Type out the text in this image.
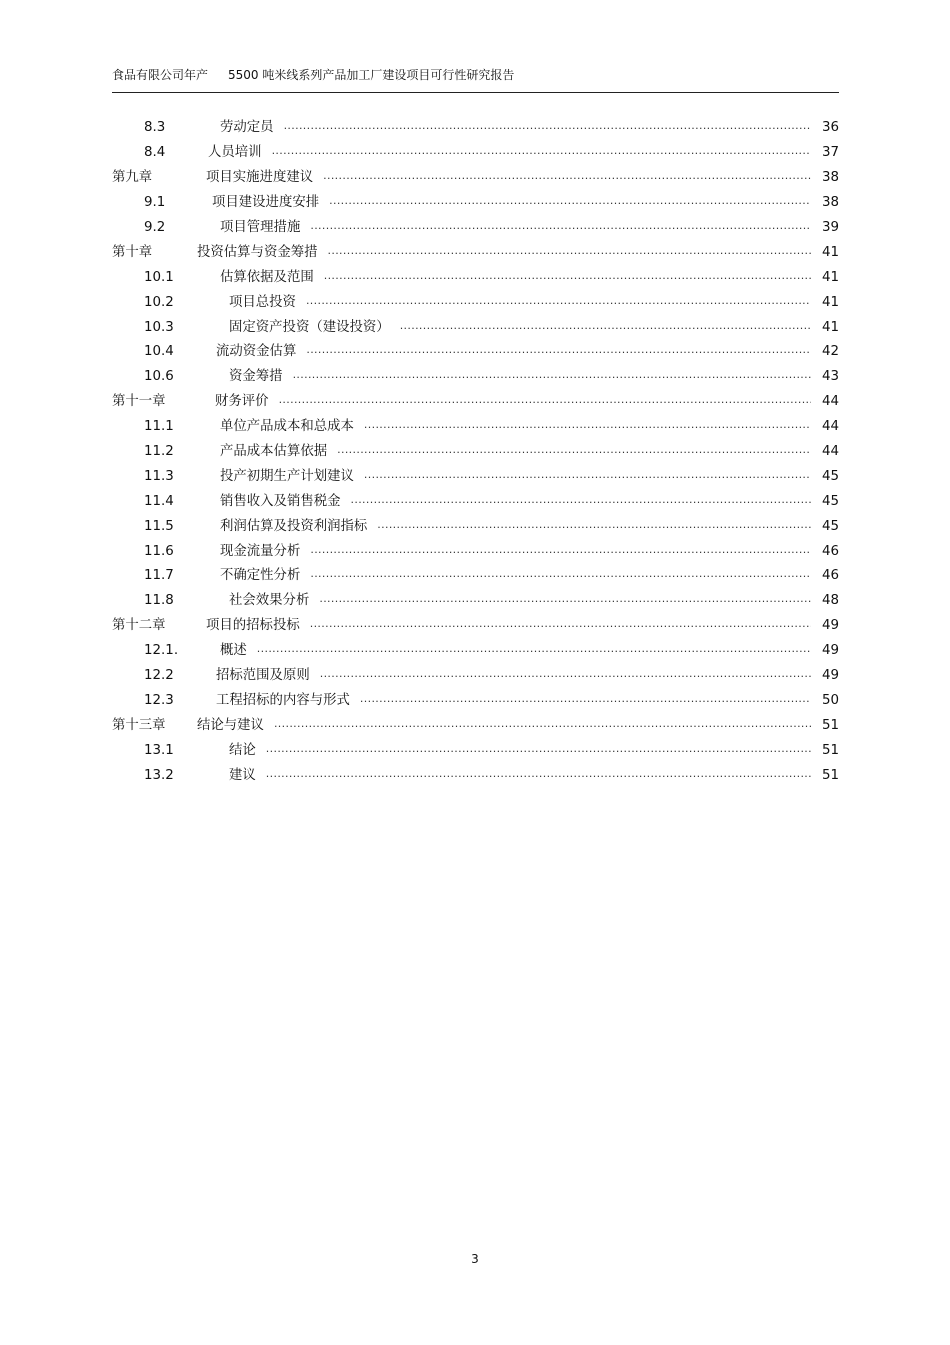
食品有限公司年产 5500 吨米线系列产品加工厂建设项目可行性研究报告
8.3	劳动定员 .....	36
8.4	人员培训 .....	37
第九章	项目实施进度建议 .....	38
9.1	项目建设进度安排 .....	38
9.2	项目管理措施 .....	39
第十章	投资估算与资金筹措 .....	41
10.1	估算依据及范围 .....	41
10.2	项目总投资 .....	41
10.3	固定资产投资（建设投资） .....	41
10.4	流动资金估算 .....	42
10.6	资金筹措 .....	43
第十一章	财务评价 .....	44
11.1	单位产品成本和总成本 .....	44
11.2	产品成本估算依据 .....	44
11.3	投产初期生产计划建议 .....	45
11.4	销售收入及销售税金 .....	45
11.5	利润估算及投资利润指标 .....	45
11.6	现金流量分析 .....	46
11.7	不确定性分析 .....	46
11.8	社会效果分析 .....	48
第十二章	项目的招标投标 .....	49
12.1.	概述 .....	49
12.2	招标范围及原则 .....	49
12.3	工程招标的内容与形式 .....	50
第十三章	结论与建议 .....	51
13.1	结论 .....	51
13.2	建议 .....	51
3
